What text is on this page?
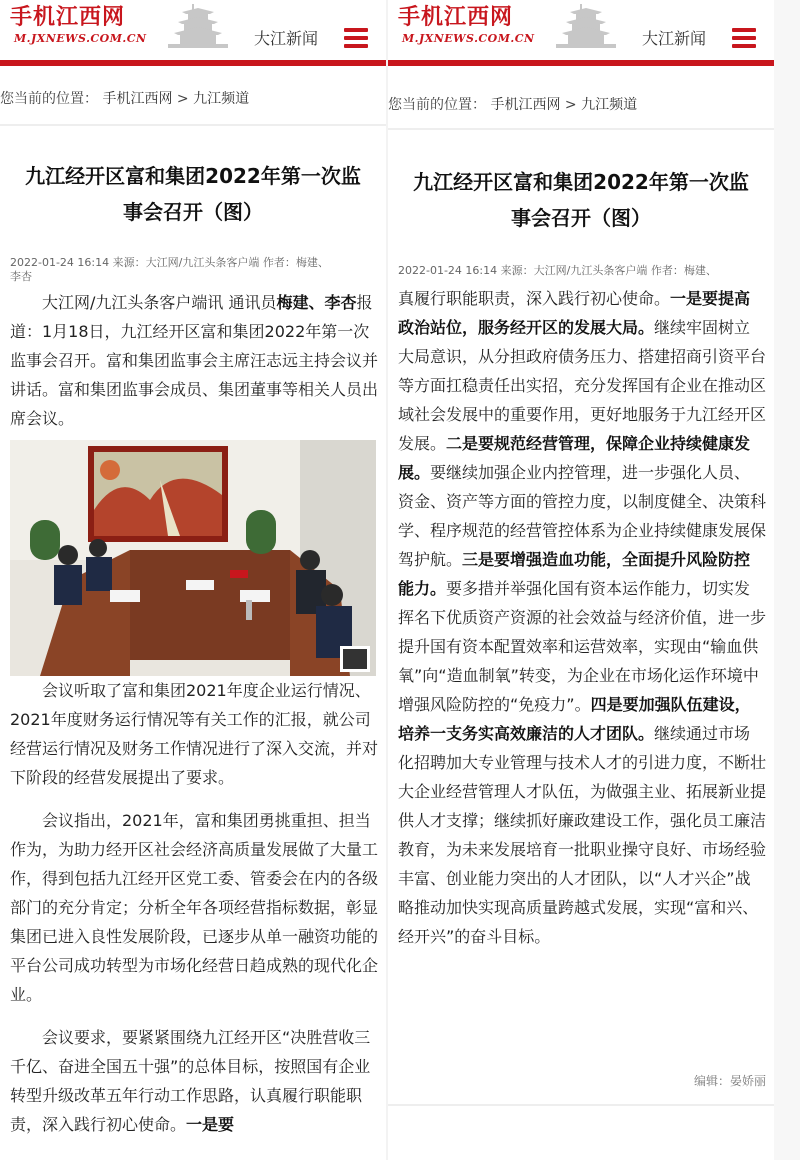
手机江西网
M.JXNEWS.COM.CN	大江新闻
您当前的位置： 手机江西网 > 九江频道
九江经开区富和集团2022年第一次监
事会召开（图）
2022-01-24 16:14 来源：大江网/九江头条客户端 作者：梅建、
李杏

大江网/九江头条客户端讯 通讯员梅建、李杏报道：1月18日，九江经开区富和集团2022年第一次监事会召开。富和集团监事会主席汪志远主持会议并讲话。富和集团监事会成员、集团董事等相关人员出席会议。

会议听取了富和集团2021年度企业运行情况、2021年度财务运行情况等有关工作的汇报，就公司经营运行情况及财务工作情况进行了深入交流，并对下阶段的经营发展提出了要求。

会议指出，2021年，富和集团勇挑重担、担当作为，为助力经开区社会经济高质量发展做了大量工作，得到包括九江经开区党工委、管委会在内的各级部门的充分肯定；分析全年各项经营指标数据，彰显集团已进入良性发展阶段，已逐步从单一融资功能的平台公司成功转型为市场化经营日趋成熟的现代化企业。

会议要求，要紧紧围绕九江经开区“决胜营收三千亿、奋进全国五十强”的总体目标，按照国有企业转型升级改革五年行动工作思路，认真履行职能职责，深入践行初心使命。一是要

手机江西网
M.JXNEWS.COM.CN	大江新闻
您当前的位置： 手机江西网 > 九江频道
九江经开区富和集团2022年第一次监
事会召开（图）
2022-01-24 16:14 来源：大江网/九江头条客户端 作者：梅建、

真履行职能职责，深入践行初心使命。一是要提高政治站位，服务经开区的发展大局。继续牢固树立大局意识，从分担政府债务压力、搭建招商引资平台等方面扛稳责任出实招，充分发挥国有企业在推动区域社会发展中的重要作用，更好地服务于九江经开区发展。二是要规范经营管理，保障企业持续健康发展。要继续加强企业内控管理，进一步强化人员、资金、资产等方面的管控力度，以制度健全、决策科学、程序规范的经营管控体系为企业持续健康发展保驾护航。三是要增强造血功能，全面提升风险防控能力。要多措并举强化国有资本运作能力，切实发挥名下优质资产资源的社会效益与经济价值，进一步提升国有资本配置效率和运营效率，实现由“输血供氧”向“造血制氧”转变，为企业在市场化运作环境中增强风险防控的“免疫力”。四是要加强队伍建设，培养一支务实高效廉洁的人才团队。继续通过市场化招聘加大专业管理与技术人才的引进力度，不断壮大企业经营管理人才队伍，为做强主业、拓展新业提供人才支撑；继续抓好廉政建设工作，强化员工廉洁教育，为未来发展培育一批职业操守良好、市场经验丰富、创业能力突出的人才团队，以“人才兴企”战略推动加快实现高质量跨越式发展，实现“富和兴、经开兴”的奋斗目标。

编辑：晏娇丽
